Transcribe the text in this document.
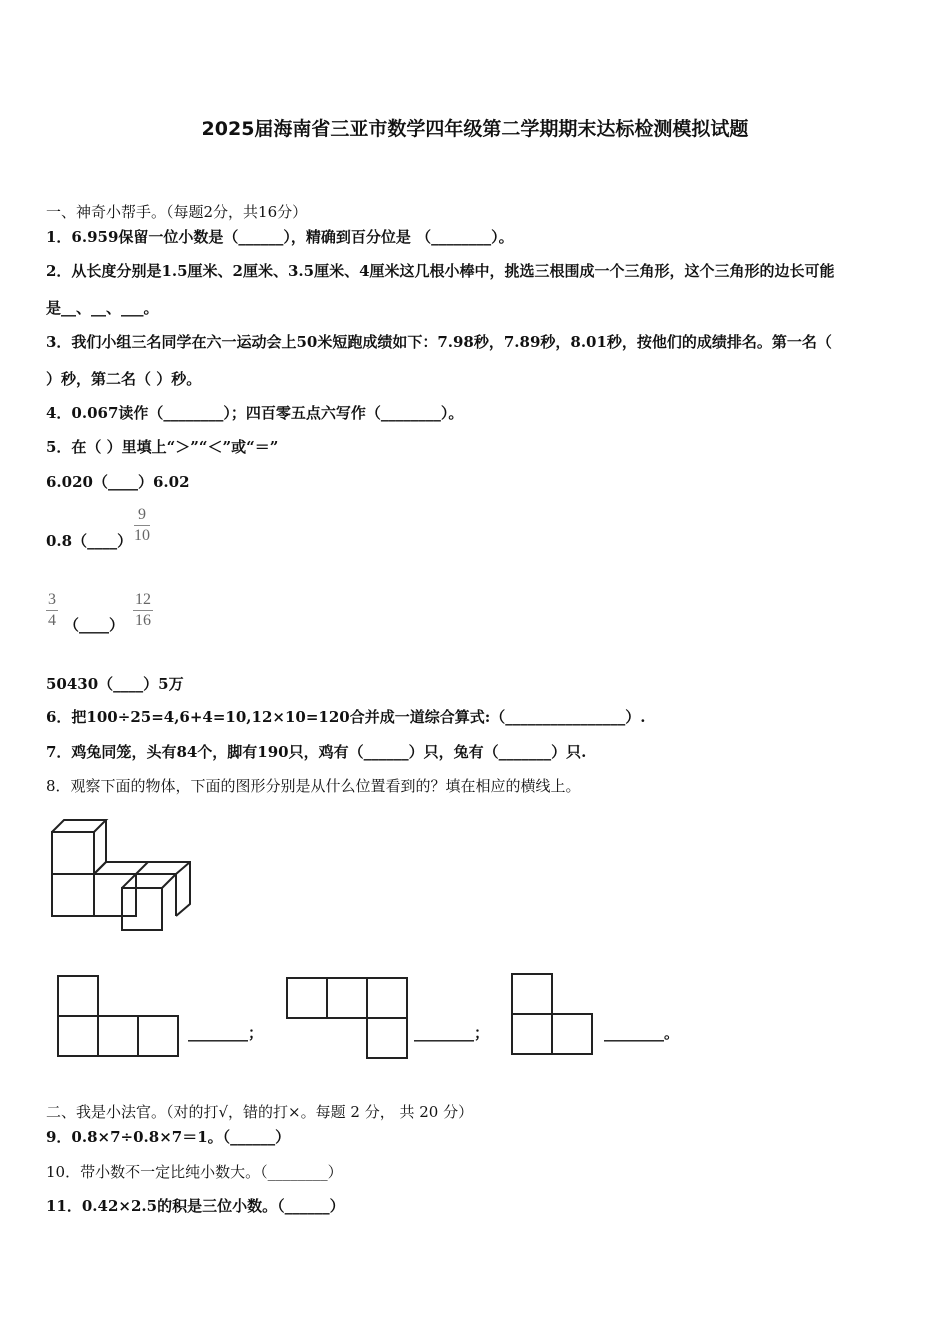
2025届海南省三亚市数学四年级第二学期期末达标检测模拟试题
一、神奇小帮手。（每题2分，共16分）
1．6.959保留一位小数是（______），精确到百分位是 （________）。
2．从长度分别是1.5厘米、2厘米、3.5厘米、4厘米这几根小棒中，挑选三根围成一个三角形，这个三角形的边长可能
是__、__、___。
3．我们小组三名同学在六一运动会上50米短跑成绩如下：7.98秒，7.89秒，8.01秒，按他们的成绩排名。第一名（
）秒，第二名（ ）秒。
4．0.067读作（________）；四百零五点六写作（________）。
5．在（ ）里填上“＞”“＜”或“＝”
6.020（____）6.02
0.8（____） $\frac{9}{10}$
$\frac{3}{4}$ （____） $\frac{12}{16}$
50430（____）5万
6．把100÷25=4,6+4=10,12×10=120合并成一道综合算式:（________________）.
7．鸡兔同笼，头有84个，脚有190只，鸡有（______）只，兔有（_______）只.
8．观察下面的物体，下面的图形分别是从什么位置看到的？填在相应的横线上。
________；	________；	________。
二、我是小法官。（对的打√，错的打×。每题 2 分， 共 20 分）
9．0.8×7÷0.8×7＝1。（______）
10．带小数不一定比纯小数大。（________）
11．0.42×2.5的积是三位小数。（______）
